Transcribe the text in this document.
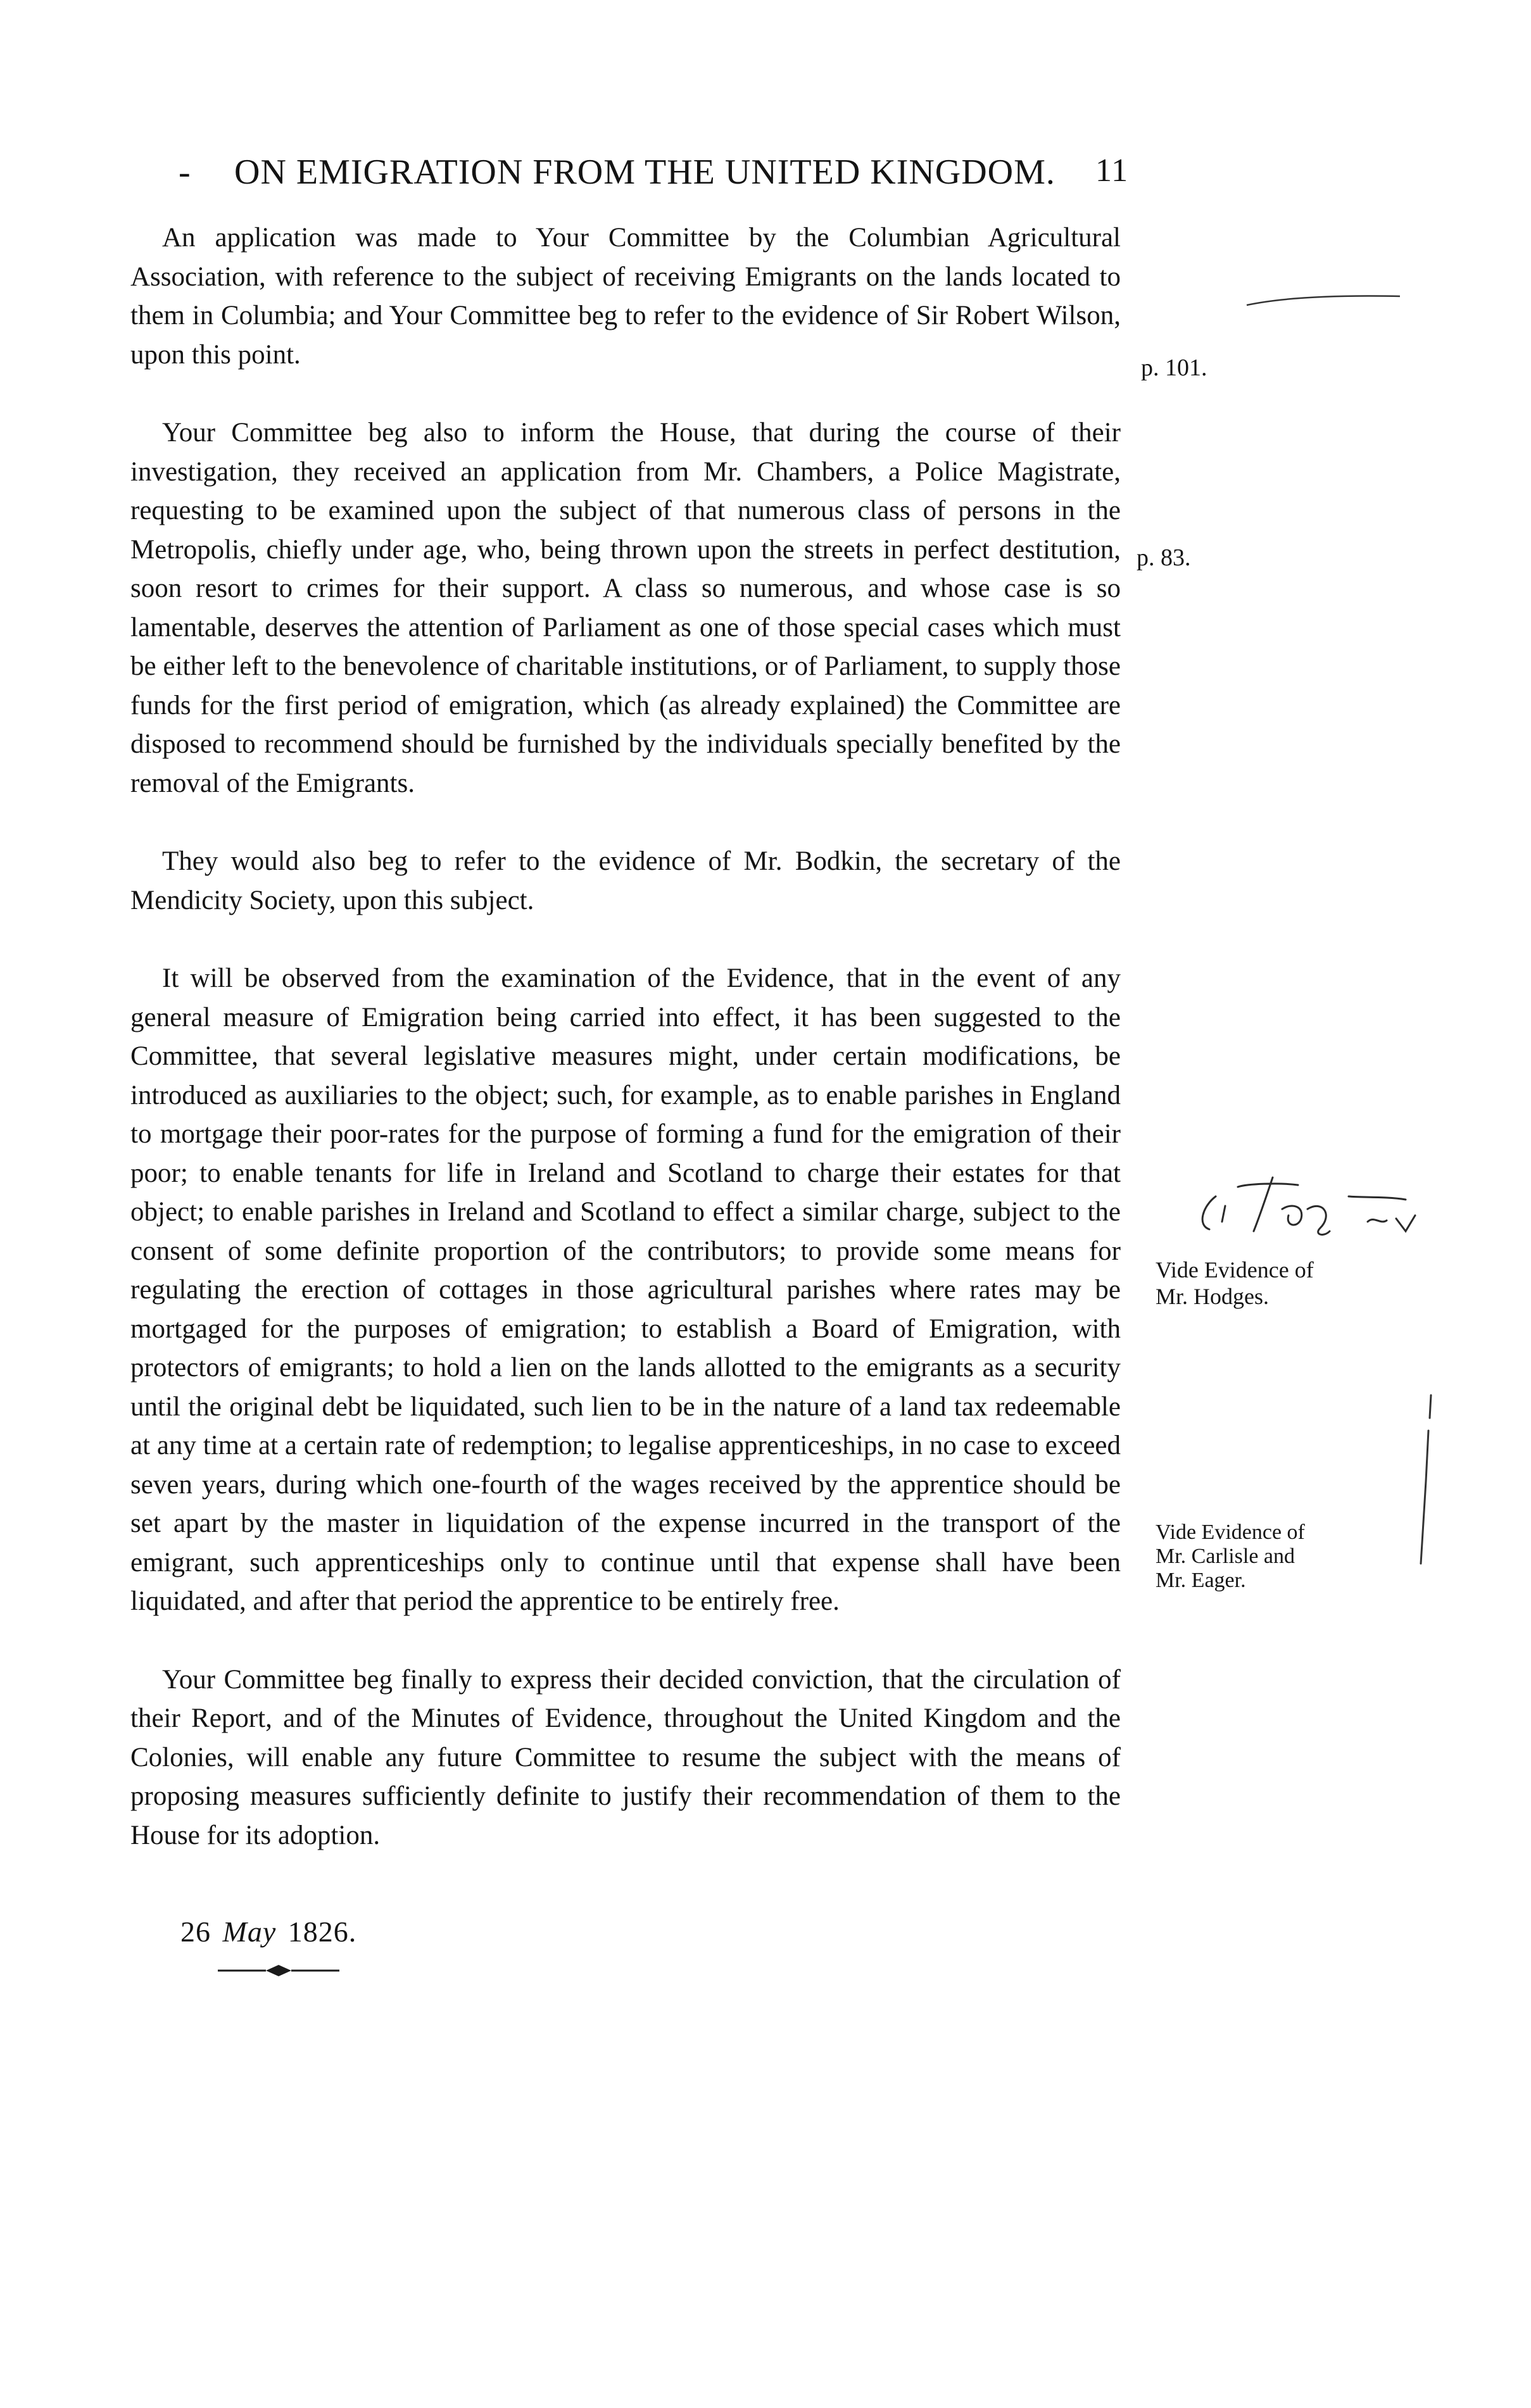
- ON EMIGRATION FROM THE UNITED KINGDOM. 11

An application was made to Your Committee by the Columbian Agricultural Association, with reference to the subject of receiving Emigrants on the lands located to them in Columbia; and Your Committee beg to refer to the evidence of Sir Robert Wilson, upon this point.

Your Committee beg also to inform the House, that during the course of their investigation, they received an application from Mr. Chambers, a Police Magistrate, requesting to be examined upon the subject of that numerous class of persons in the Metropolis, chiefly under age, who, being thrown upon the streets in perfect destitution, soon resort to crimes for their support. A class so numerous, and whose case is so lamentable, deserves the attention of Parliament as one of those special cases which must be either left to the benevolence of charitable institutions, or of Parliament, to supply those funds for the first period of emigration, which (as already explained) the Committee are disposed to recommend should be furnished by the individuals specially benefited by the removal of the Emigrants.

They would also beg to refer to the evidence of Mr. Bodkin, the secretary of the Mendicity Society, upon this subject.

It will be observed from the examination of the Evidence, that in the event of any general measure of Emigration being carried into effect, it has been suggested to the Committee, that several legislative measures might, under certain modifications, be introduced as auxiliaries to the object; such, for example, as to enable parishes in England to mortgage their poor-rates for the purpose of forming a fund for the emigration of their poor; to enable tenants for life in Ireland and Scotland to charge their estates for that object; to enable parishes in Ireland and Scotland to effect a similar charge, subject to the consent of some definite proportion of the contributors; to provide some means for regulating the erection of cottages in those agricultural parishes where rates may be mortgaged for the purposes of emigration; to establish a Board of Emigration, with protectors of emigrants; to hold a lien on the lands allotted to the emigrants as a security until the original debt be liquidated, such lien to be in the nature of a land tax redeemable at any time at a certain rate of redemption; to legalise apprenticeships, in no case to exceed seven years, during which one-fourth of the wages received by the apprentice should be set apart by the master in liquidation of the expense incurred in the transport of the emigrant, such apprenticeships only to continue until that expense shall have been liquidated, and after that period the apprentice to be entirely free.

Your Committee beg finally to express their decided conviction, that the circulation of their Report, and of the Minutes of Evidence, throughout the United Kingdom and the Colonies, will enable any future Committee to resume the subject with the means of proposing measures sufficiently definite to justify their recommendation of them to the House for its adoption.

p. 101.
p. 83.
Vide Evidence of
Mr. Hodges.
Vide Evidence of
Mr. Carlisle and
Mr. Eager.
26 May 1826.
